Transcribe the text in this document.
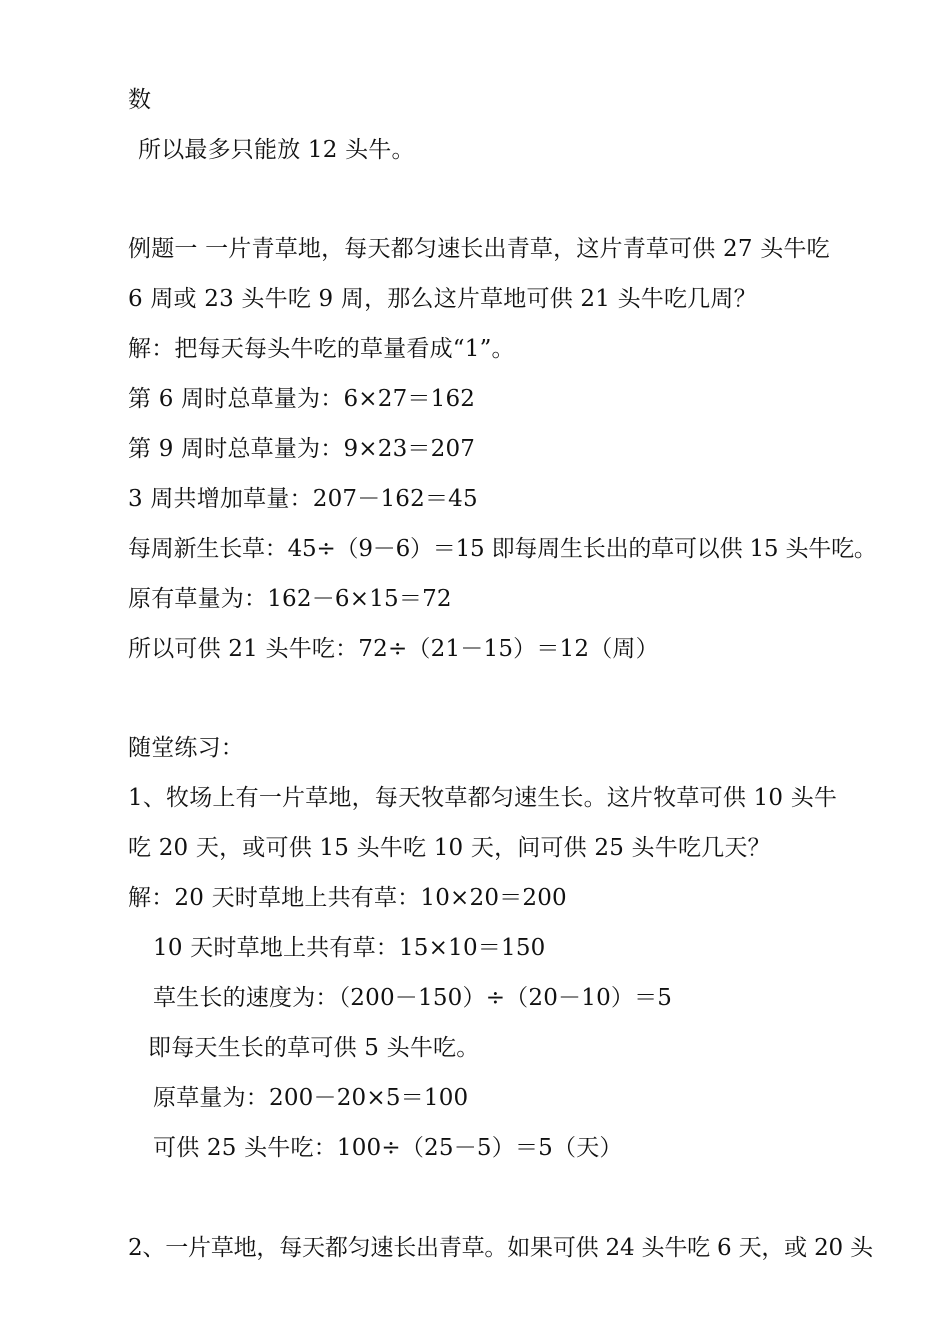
数
所以最多只能放 12 头牛。
例题一 一片青草地，每天都匀速长出青草，这片青草可供 27 头牛吃
6 周或 23 头牛吃 9 周，那么这片草地可供 21 头牛吃几周？
解：把每天每头牛吃的草量看成“1”。
第 6 周时总草量为：6×27＝162
第 9 周时总草量为：9×23＝207
3 周共增加草量：207－162＝45
每周新生长草：45÷（9－6）＝15 即每周生长出的草可以供 15 头牛吃。
原有草量为：162－6×15＝72
所以可供 21 头牛吃：72÷（21－15）＝12（周）
随堂练习：
1、牧场上有一片草地，每天牧草都匀速生长。这片牧草可供 10 头牛
吃 20 天，或可供 15 头牛吃 10 天，问可供 25 头牛吃几天？
解：20 天时草地上共有草：10×20＝200
10 天时草地上共有草：15×10＝150
草生长的速度为：（200－150）÷（20－10）＝5
即每天生长的草可供 5 头牛吃。
原草量为：200－20×5＝100
可供 25 头牛吃：100÷（25－5）＝5（天）
2、一片草地，每天都匀速长出青草。如果可供 24 头牛吃 6 天，或 20 头
